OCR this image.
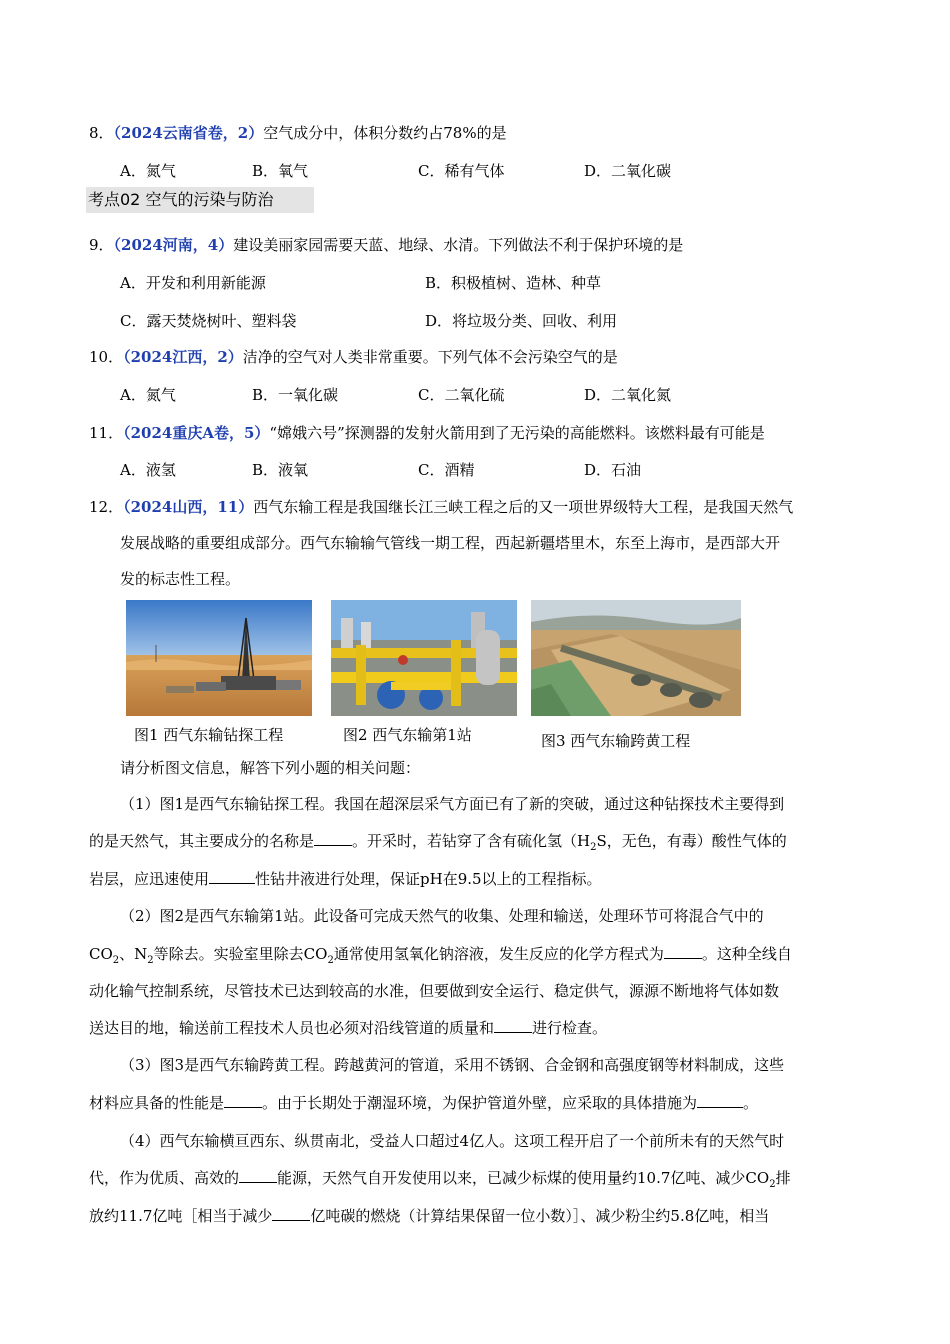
8．（2024云南省卷，2）空气成分中，体积分数约占78%的是
A．氮气	B．氧气	C．稀有气体	D．二氧化碳
考点02 空气的污染与防治
9．（2024河南，4）建设美丽家园需要天蓝、地绿、水清。下列做法不利于保护环境的是
A．开发和利用新能源	B．积极植树、造林、种草
C．露天焚烧树叶、塑料袋	D．将垃圾分类、回收、利用
10．（2024江西，2）洁净的空气对人类非常重要。下列气体不会污染空气的是
A．氮气	B．一氧化碳	C．二氧化硫	D．二氧化氮
11．（2024重庆A卷，5）“嫦娥六号”探测器的发射火箭用到了无污染的高能燃料。该燃料最有可能是
A．液氢	B．液氧	C．酒精	D．石油
12．（2024山西，11）西气东输工程是我国继长江三峡工程之后的又一项世界级特大工程，是我国天然气
发展战略的重要组成部分。西气东输输气管线一期工程，西起新疆塔里木，东至上海市，是西部大开
发的标志性工程。
图1 西气东输钻探工程	图2 西气东输第1站	图3 西气东输跨黄工程
请分析图文信息，解答下列小题的相关问题：
（1）图1是西气东输钻探工程。我国在超深层采气方面已有了新的突破，通过这种钻探技术主要得到
的是天然气，其主要成分的名称是	。开采时，若钻穿了含有硫化氢（$H_2S$，无色，有毒）酸性气体的
岩层，应迅速使用	性钻井液进行处理，保证pH在9.5以上的工程指标。
（2）图2是西气东输第1站。此设备可完成天然气的收集、处理和输送，处理环节可将混合气中的
$CO_2$、$N_2$等除去。实验室里除去$CO_2$通常使用氢氧化钠溶液，发生反应的化学方程式为	。这种全线自
动化输气控制系统，尽管技术已达到较高的水准，但要做到安全运行、稳定供气，源源不断地将气体如数
送达目的地，输送前工程技术人员也必须对沿线管道的质量和	进行检查。
（3）图3是西气东输跨黄工程。跨越黄河的管道，采用不锈钢、合金钢和高强度钢等材料制成，这些
材料应具备的性能是	。由于长期处于潮湿环境，为保护管道外壁，应采取的具体措施为	。
（4）西气东输横亘西东、纵贯南北，受益人口超过4亿人。这项工程开启了一个前所未有的天然气时
代，作为优质、高效的	能源，天然气自开发使用以来，已减少标煤的使用量约10.7亿吨、减少$CO_2$排
放约11.7亿吨［相当于减少	亿吨碳的燃烧（计算结果保留一位小数）］、减少粉尘约5.8亿吨，相当
